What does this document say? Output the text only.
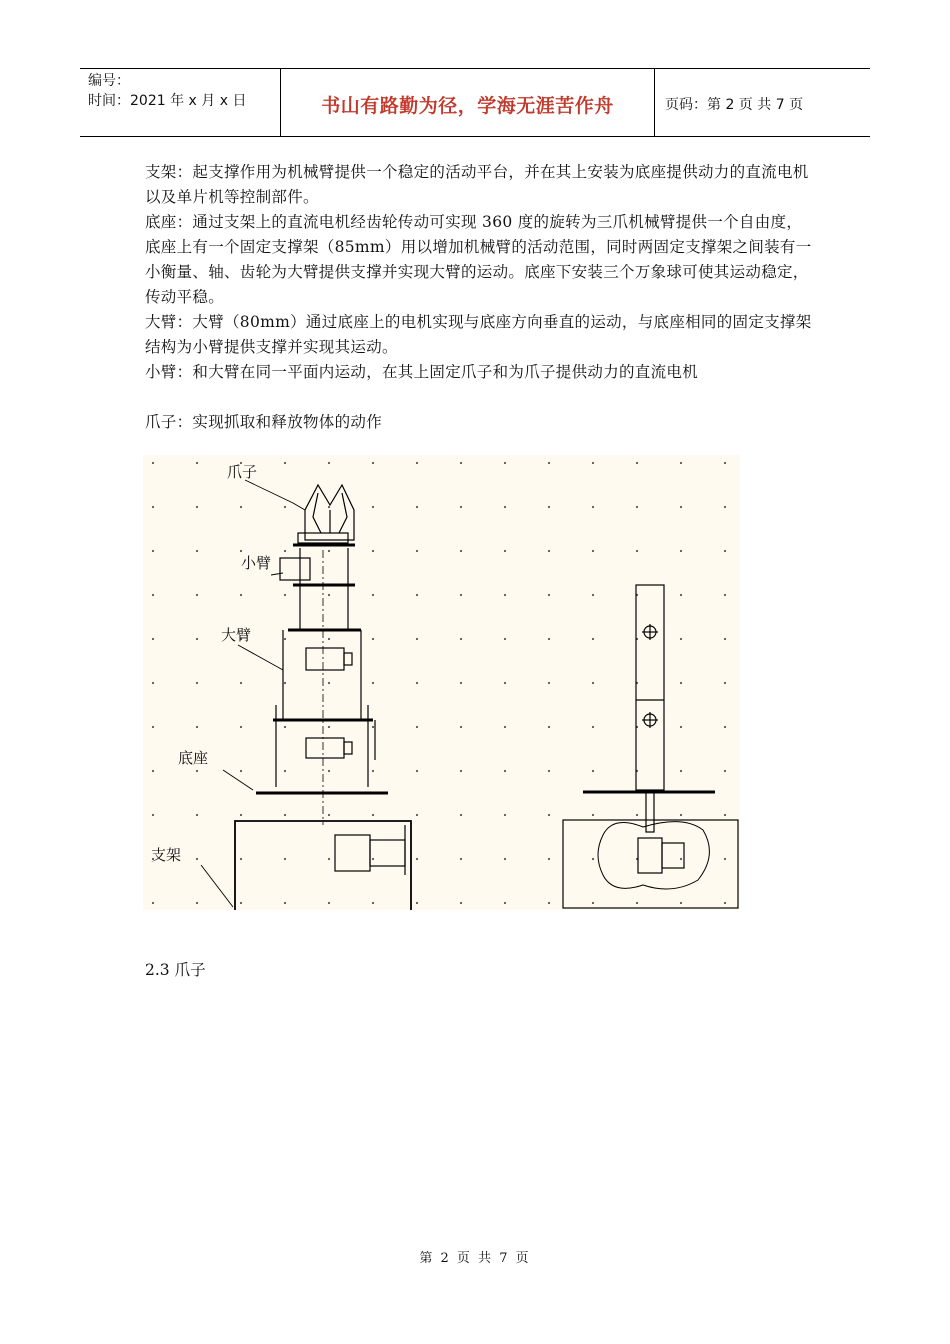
编号：
时间：2021 年 x 月 x 日	书山有路勤为径，学海无涯苦作舟	页码：第 2 页 共 7 页
支架：起支撑作用为机械臂提供一个稳定的活动平台，并在其上安装为底座提供动力的直流电机以及单片机等控制部件。
底座：通过支架上的直流电机经齿轮传动可实现 360 度的旋转为三爪机械臂提供一个自由度，底座上有一个固定支撑架（85mm）用以增加机械臂的活动范围，同时两固定支撑架之间装有一小衡量、轴、齿轮为大臂提供支撑并实现大臂的运动。底座下安装三个万象球可使其运动稳定，传动平稳。
大臂：大臂（80mm）通过底座上的电机实现与底座方向垂直的运动，与底座相同的固定支撑架结构为小臂提供支撑并实现其运动。
小臂：和大臂在同一平面内运动，在其上固定爪子和为爪子提供动力的直流电机
爪子：实现抓取和释放物体的动作
爪子
小臂
大臂
底座
支架
2.3 爪子
第 2 页 共 7 页
